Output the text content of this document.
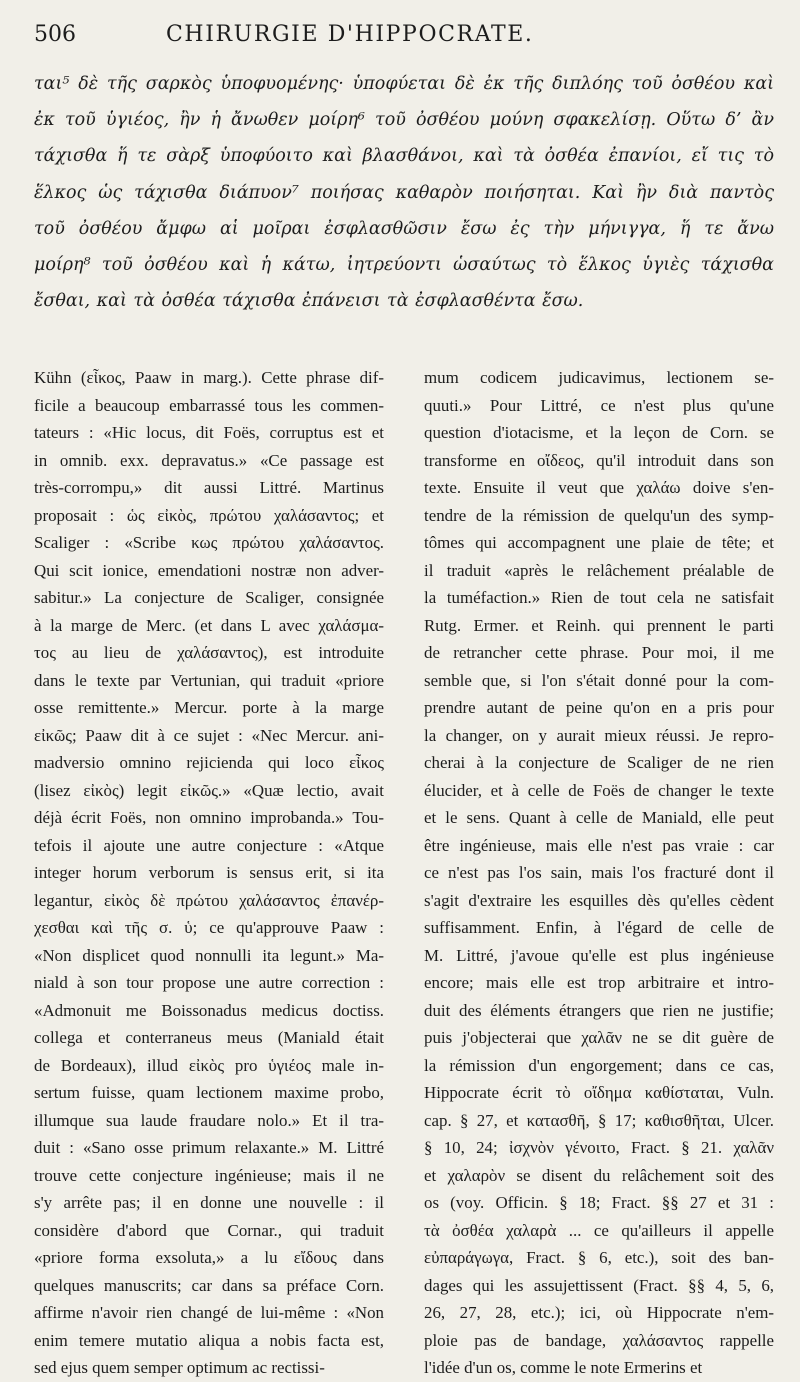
506	CHIRURGIE D'HIPPOCRATE.
ται⁵ δὲ τῆς σαρκὸς ὑποφυομένης· ὑποφύεται δὲ ἐκ τῆς διπλόης τοῦ ὀσθέου καὶ
ἐκ τοῦ ὑγιέος, ἢν ἡ ἄνωθεν μοίρη⁶ τοῦ ὀσθέου μούνη σφακελίσῃ. Οὕτω δ’ ἂν
τάχισθα ἥ τε σὰρξ ὑποφύοιτο καὶ βλασθάνοι, καὶ τὰ ὀσθέα ἐπανίοι, εἴ τις τὸ
ἕλκος ὡς τάχισθα διάπυον⁷ ποιήσας καθαρὸν ποιήσηται. Καὶ ἢν διὰ παντὸς
τοῦ ὀσθέου ἄμφω αἱ μοῖραι ἐσφλασθῶσιν ἔσω ἐς τὴν μήνιγγα, ἥ τε ἄνω
μοίρη⁸ τοῦ ὀσθέου καὶ ἡ κάτω, ἰητρεύοντι ὡσαύτως τὸ ἕλκος ὑγιὲς τάχισθα
ἔσθαι, καὶ τὰ ὀσθέα τάχισθα ἐπάνεισι τὰ ἐσφλασθέντα ἔσω.
Kühn (εἶκος, Paaw in marg.). Cette phrase dif-
ficile a beaucoup embarrassé tous les commen-
tateurs : «Hic locus, dit Foës, corruptus est et
in omnib. exx. depravatus.» «Ce passage est
très-corrompu,» dit aussi Littré. Martinus
proposait : ὡς εἰκὸς, πρώτου χαλάσαντος; et
Scaliger : «Scribe κως πρώτου χαλάσαντος.
Qui scit ionice, emendationi nostræ non adver-
sabitur.» La conjecture de Scaliger, consignée
à la marge de Merc. (et dans L avec χαλάσμα-
τος au lieu de χαλάσαντος), est introduite
dans le texte par Vertunian, qui traduit «priore
osse remittente.» Mercur. porte à la marge
εἰκῶς; Paaw dit à ce sujet : «Nec Mercur. ani-
madversio omnino rejicienda qui loco εἶκος
(lisez εἰκὸς) legit εἰκῶς.» «Quæ lectio, avait
déjà écrit Foës, non omnino improbanda.» Tou-
tefois il ajoute une autre conjecture : «Atque
integer horum verborum is sensus erit, si ita
legantur, εἰκὸς δὲ πρώτου χαλάσαντος ἐπανέρ-
χεσθαι καὶ τῆς σ. ὑ; ce qu'approuve Paaw :
«Non displicet quod nonnulli ita legunt.» Ma-
niald à son tour propose une autre correction :
«Admonuit me Boissonadus medicus doctiss.
collega et conterraneus meus (Maniald était
de Bordeaux), illud εἰκὸς pro ὑγιέος male in-
sertum fuisse, quam lectionem maxime probo,
illumque sua laude fraudare nolo.» Et il tra-
duit : «Sano osse primum relaxante.» M. Littré
trouve cette conjecture ingénieuse; mais il ne
s'y arrête pas; il en donne une nouvelle : il
considère d'abord que Cornar., qui traduit
«priore forma exsoluta,» a lu εἴδους dans
quelques manuscrits; car dans sa préface Corn.
affirme n'avoir rien changé de lui-même : «Non
enim temere mutatio aliqua a nobis facta est,
sed ejus quem semper optimum ac rectissi-
mum codicem judicavimus, lectionem se-
quuti.» Pour Littré, ce n'est plus qu'une
question d'iotacisme, et la leçon de Corn. se
transforme en οἴδεος, qu'il introduit dans son
texte. Ensuite il veut que χαλάω doive s'en-
tendre de la rémission de quelqu'un des symp-
tômes qui accompagnent une plaie de tête; et
il traduit «après le relâchement préalable de
la tuméfaction.» Rien de tout cela ne satisfait
Rutg. Ermer. et Reinh. qui prennent le parti
de retrancher cette phrase. Pour moi, il me
semble que, si l'on s'était donné pour la com-
prendre autant de peine qu'on en a pris pour
la changer, on y aurait mieux réussi. Je repro-
cherai à la conjecture de Scaliger de ne rien
élucider, et à celle de Foës de changer le texte
et le sens. Quant à celle de Maniald, elle peut
être ingénieuse, mais elle n'est pas vraie : car
ce n'est pas l'os sain, mais l'os fracturé dont il
s'agit d'extraire les esquilles dès qu'elles cèdent
suffisamment. Enfin, à l'égard de celle de
M. Littré, j'avoue qu'elle est plus ingénieuse
encore; mais elle est trop arbitraire et intro-
duit des éléments étrangers que rien ne justifie;
puis j'objecterai que χαλᾶν ne se dit guère de
la rémission d'un engorgement; dans ce cas,
Hippocrate écrit τὸ οἴδημα καθίσταται, Vuln.
cap. § 27, et κατασθῆ, § 17; καθισθῆται, Ulcer.
§ 10, 24; ἰσχνὸν γένοιτο, Fract. § 21. χαλᾶν
et χαλαρὸν se disent du relâchement soit des
os (voy. Officin. § 18; Fract. §§ 27 et 31 :
τὰ ὀσθέα χαλαρὰ ... ce qu'ailleurs il appelle
εὐπαράγωγα, Fract. § 6, etc.), soit des ban-
dages qui les assujettissent (Fract. §§ 4, 5, 6,
26, 27, 28, etc.); ici, où Hippocrate n'em-
ploie pas de bandage, χαλάσαντος rappelle
l'idée d'un os, comme le note Ermerins et
